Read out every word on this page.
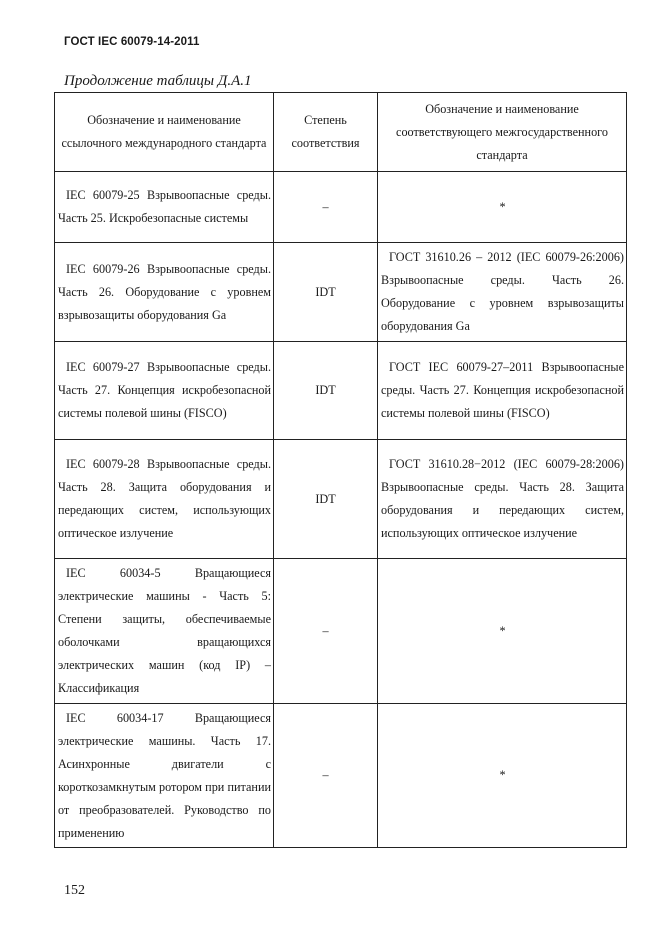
ГОСТ IEC 60079-14-2011
Продолжение таблицы Д.А.1
Обозначение и наименование ссылочного международного стандарта	Степень соответствия	Обозначение и наименование соответствующего межгосударственного стандарта
IEC 60079-25 Взрывоопасные среды. Часть 25. Искробезопасные системы	–	*
IEC 60079-26 Взрывоопасные среды. Часть 26. Оборудование с уровнем взрывозащиты оборудования Ga	IDT	ГОСТ 31610.26 – 2012 (IEC 60079-26:2006) Взрывоопасные среды. Часть 26. Оборудование с уровнем взрывозащиты оборудования Ga
IEC 60079-27 Взрывоопасные среды. Часть 27. Концепция искробезопасной системы полевой шины (FISCO)	IDT	ГОСТ IEC 60079-27–2011 Взрывоопасные среды. Часть 27. Концепция искробезопасной системы полевой шины (FISCO)
IEC 60079-28 Взрывоопасные среды. Часть 28. Защита оборудования и передающих систем, использующих оптическое излучение	IDT	ГОСТ 31610.28−2012 (IEC 60079-28:2006) Взрывоопасные среды. Часть 28. Защита оборудования и передающих систем, использующих оптическое излучение
IEC 60034-5 Вращающиеся электрические машины - Часть 5: Степени защиты, обеспечиваемые оболочками вращающихся электрических машин (код IP) – Классификация	–	*
IEC 60034-17 Вращающиеся электрические машины. Часть 17. Асинхронные двигатели с короткозамкнутым ротором при питании от преобразователей. Руководство по применению	–	*
152
